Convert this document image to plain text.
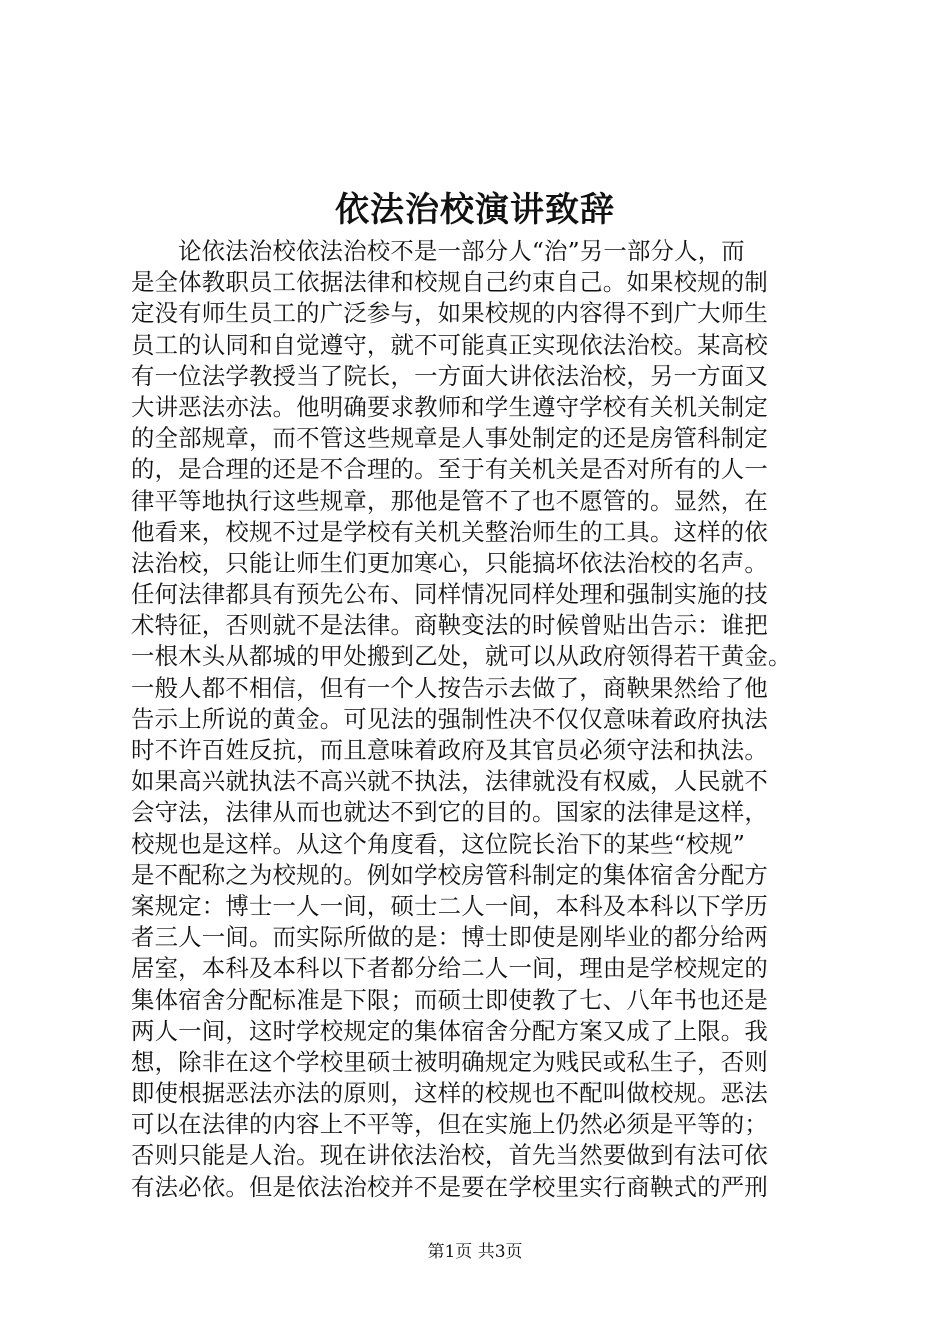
依法治校演讲致辞
论依法治校依法治校不是一部分人“治”另一部分人，而
是全体教职员工依据法律和校规自己约束自己。如果校规的制
定没有师生员工的广泛参与，如果校规的内容得不到广大师生
员工的认同和自觉遵守，就不可能真正实现依法治校。某高校
有一位法学教授当了院长，一方面大讲依法治校，另一方面又
大讲恶法亦法。他明确要求教师和学生遵守学校有关机关制定
的全部规章，而不管这些规章是人事处制定的还是房管科制定
的，是合理的还是不合理的。至于有关机关是否对所有的人一
律平等地执行这些规章，那他是管不了也不愿管的。显然，在
他看来，校规不过是学校有关机关整治师生的工具。这样的依
法治校，只能让师生们更加寒心，只能搞坏依法治校的名声。
任何法律都具有预先公布、同样情况同样处理和强制实施的技
术特征，否则就不是法律。商鞅变法的时候曾贴出告示：谁把
一根木头从都城的甲处搬到乙处，就可以从政府领得若干黄金。
一般人都不相信，但有一个人按告示去做了，商鞅果然给了他
告示上所说的黄金。可见法的强制性决不仅仅意味着政府执法
时不许百姓反抗，而且意味着政府及其官员必须守法和执法。
如果高兴就执法不高兴就不执法，法律就没有权威，人民就不
会守法，法律从而也就达不到它的目的。国家的法律是这样，
校规也是这样。从这个角度看，这位院长治下的某些“校规”
是不配称之为校规的。例如学校房管科制定的集体宿舍分配方
案规定：博士一人一间，硕士二人一间，本科及本科以下学历
者三人一间。而实际所做的是：博士即使是刚毕业的都分给两
居室，本科及本科以下者都分给二人一间，理由是学校规定的
集体宿舍分配标准是下限；而硕士即使教了七、八年书也还是
两人一间，这时学校规定的集体宿舍分配方案又成了上限。我
想，除非在这个学校里硕士被明确规定为贱民或私生子，否则
即使根据恶法亦法的原则，这样的校规也不配叫做校规。恶法
可以在法律的内容上不平等，但在实施上仍然必须是平等的；
否则只能是人治。现在讲依法治校，首先当然要做到有法可依
有法必依。但是依法治校并不是要在学校里实行商鞅式的严刑
第1页 共3页
